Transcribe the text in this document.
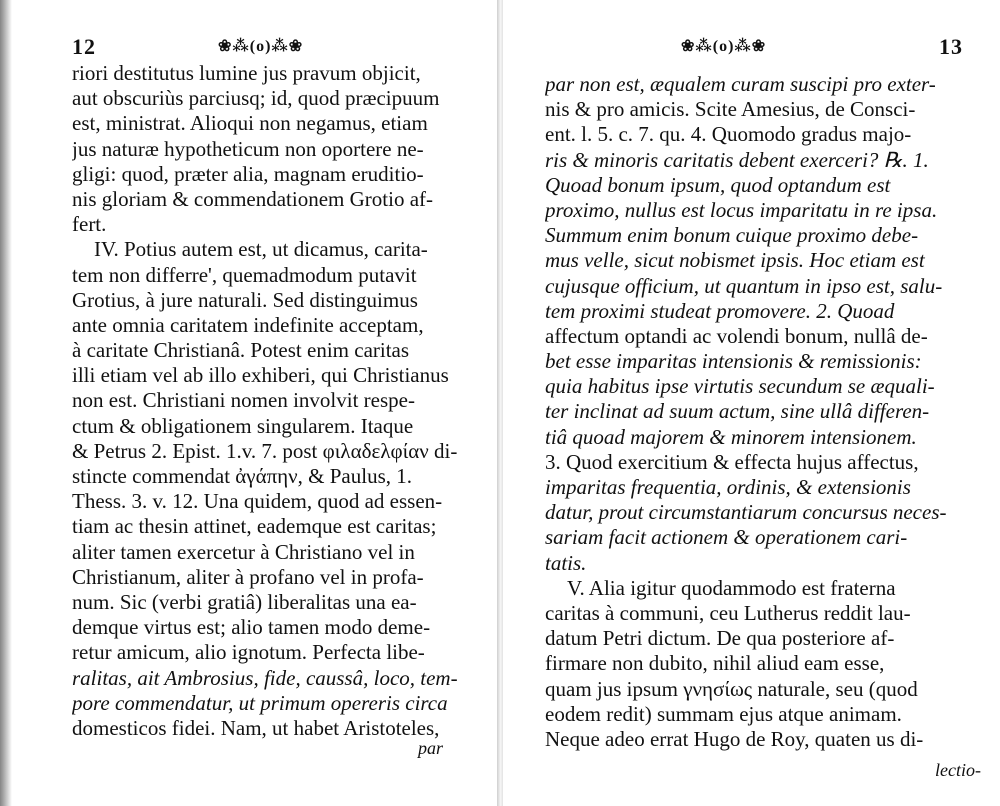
12	❀⁂(o)⁂❀
riori destitutus lumine jus pravum objicit,
aut obscuriùs parciusq; id, quod præcipuum
est, ministrat. Alioqui non negamus, etiam
jus naturæ hypotheticum non oportere ne-
gligi: quod, præter alia, magnam eruditio-
nis gloriam & commendationem Grotio af-
fert.
IV. Potius autem est, ut dicamus, carita-
tem non differre', quemadmodum putavit
Grotius, à jure naturali. Sed distinguimus
ante omnia caritatem indefinite acceptam,
à caritate Christianâ. Potest enim caritas
illi etiam vel ab illo exhiberi, qui Christianus
non est. Christiani nomen involvit respe-
ctum & obligationem singularem. Itaque
& Petrus 2. Epist. 1.v. 7. post φιλαδελφίαν di-
stincte commendat ἀγάπην, & Paulus, 1.
Thess. 3. v. 12. Una quidem, quod ad essen-
tiam ac thesin attinet, eademque est caritas;
aliter tamen exercetur à Christiano vel in
Christianum, aliter à profano vel in profa-
num. Sic (verbi gratiâ) liberalitas una ea-
demque virtus est; alio tamen modo deme-
retur amicum, alio ignotum. Perfecta libe-
ralitas, ait Ambrosius, fide, caussâ, loco, tem-
pore commendatur, ut primum opereris circa
domesticos fidei. Nam, ut habet Aristoteles,
par
❀⁂(o)⁂❀	13
par non est, æqualem curam suscipi pro exter-
nis & pro amicis. Scite Amesius, de Consci-
ent. l. 5. c. 7. qu. 4. Quomodo gradus majo-
ris & minoris caritatis debent exerceri? ℞. 1.
Quoad bonum ipsum, quod optandum est
proximo, nullus est locus imparitatu in re ipsa.
Summum enim bonum cuique proximo debe-
mus velle, sicut nobismet ipsis. Hoc etiam est
cujusque officium, ut quantum in ipso est, salu-
tem proximi studeat promovere. 2. Quoad
affectum optandi ac volendi bonum, nullâ de-
bet esse imparitas intensionis & remissionis:
quia habitus ipse virtutis secundum se æquali-
ter inclinat ad suum actum, sine ullâ differen-
tiâ quoad majorem & minorem intensionem.
3. Quod exercitium & effecta hujus affectus,
imparitas frequentia, ordinis, & extensionis
datur, prout circumstantiarum concursus neces-
sariam facit actionem & operationem cari-
tatis.
V. Alia igitur quodammodo est fraterna
caritas à communi, ceu Lutherus reddit lau-
datum Petri dictum. De qua posteriore af-
firmare non dubito, nihil aliud eam esse,
quam jus ipsum γνησίως naturale, seu (quod
eodem redit) summam ejus atque animam.
Neque adeo errat Hugo de Roy, quaten us di-
lectio-
